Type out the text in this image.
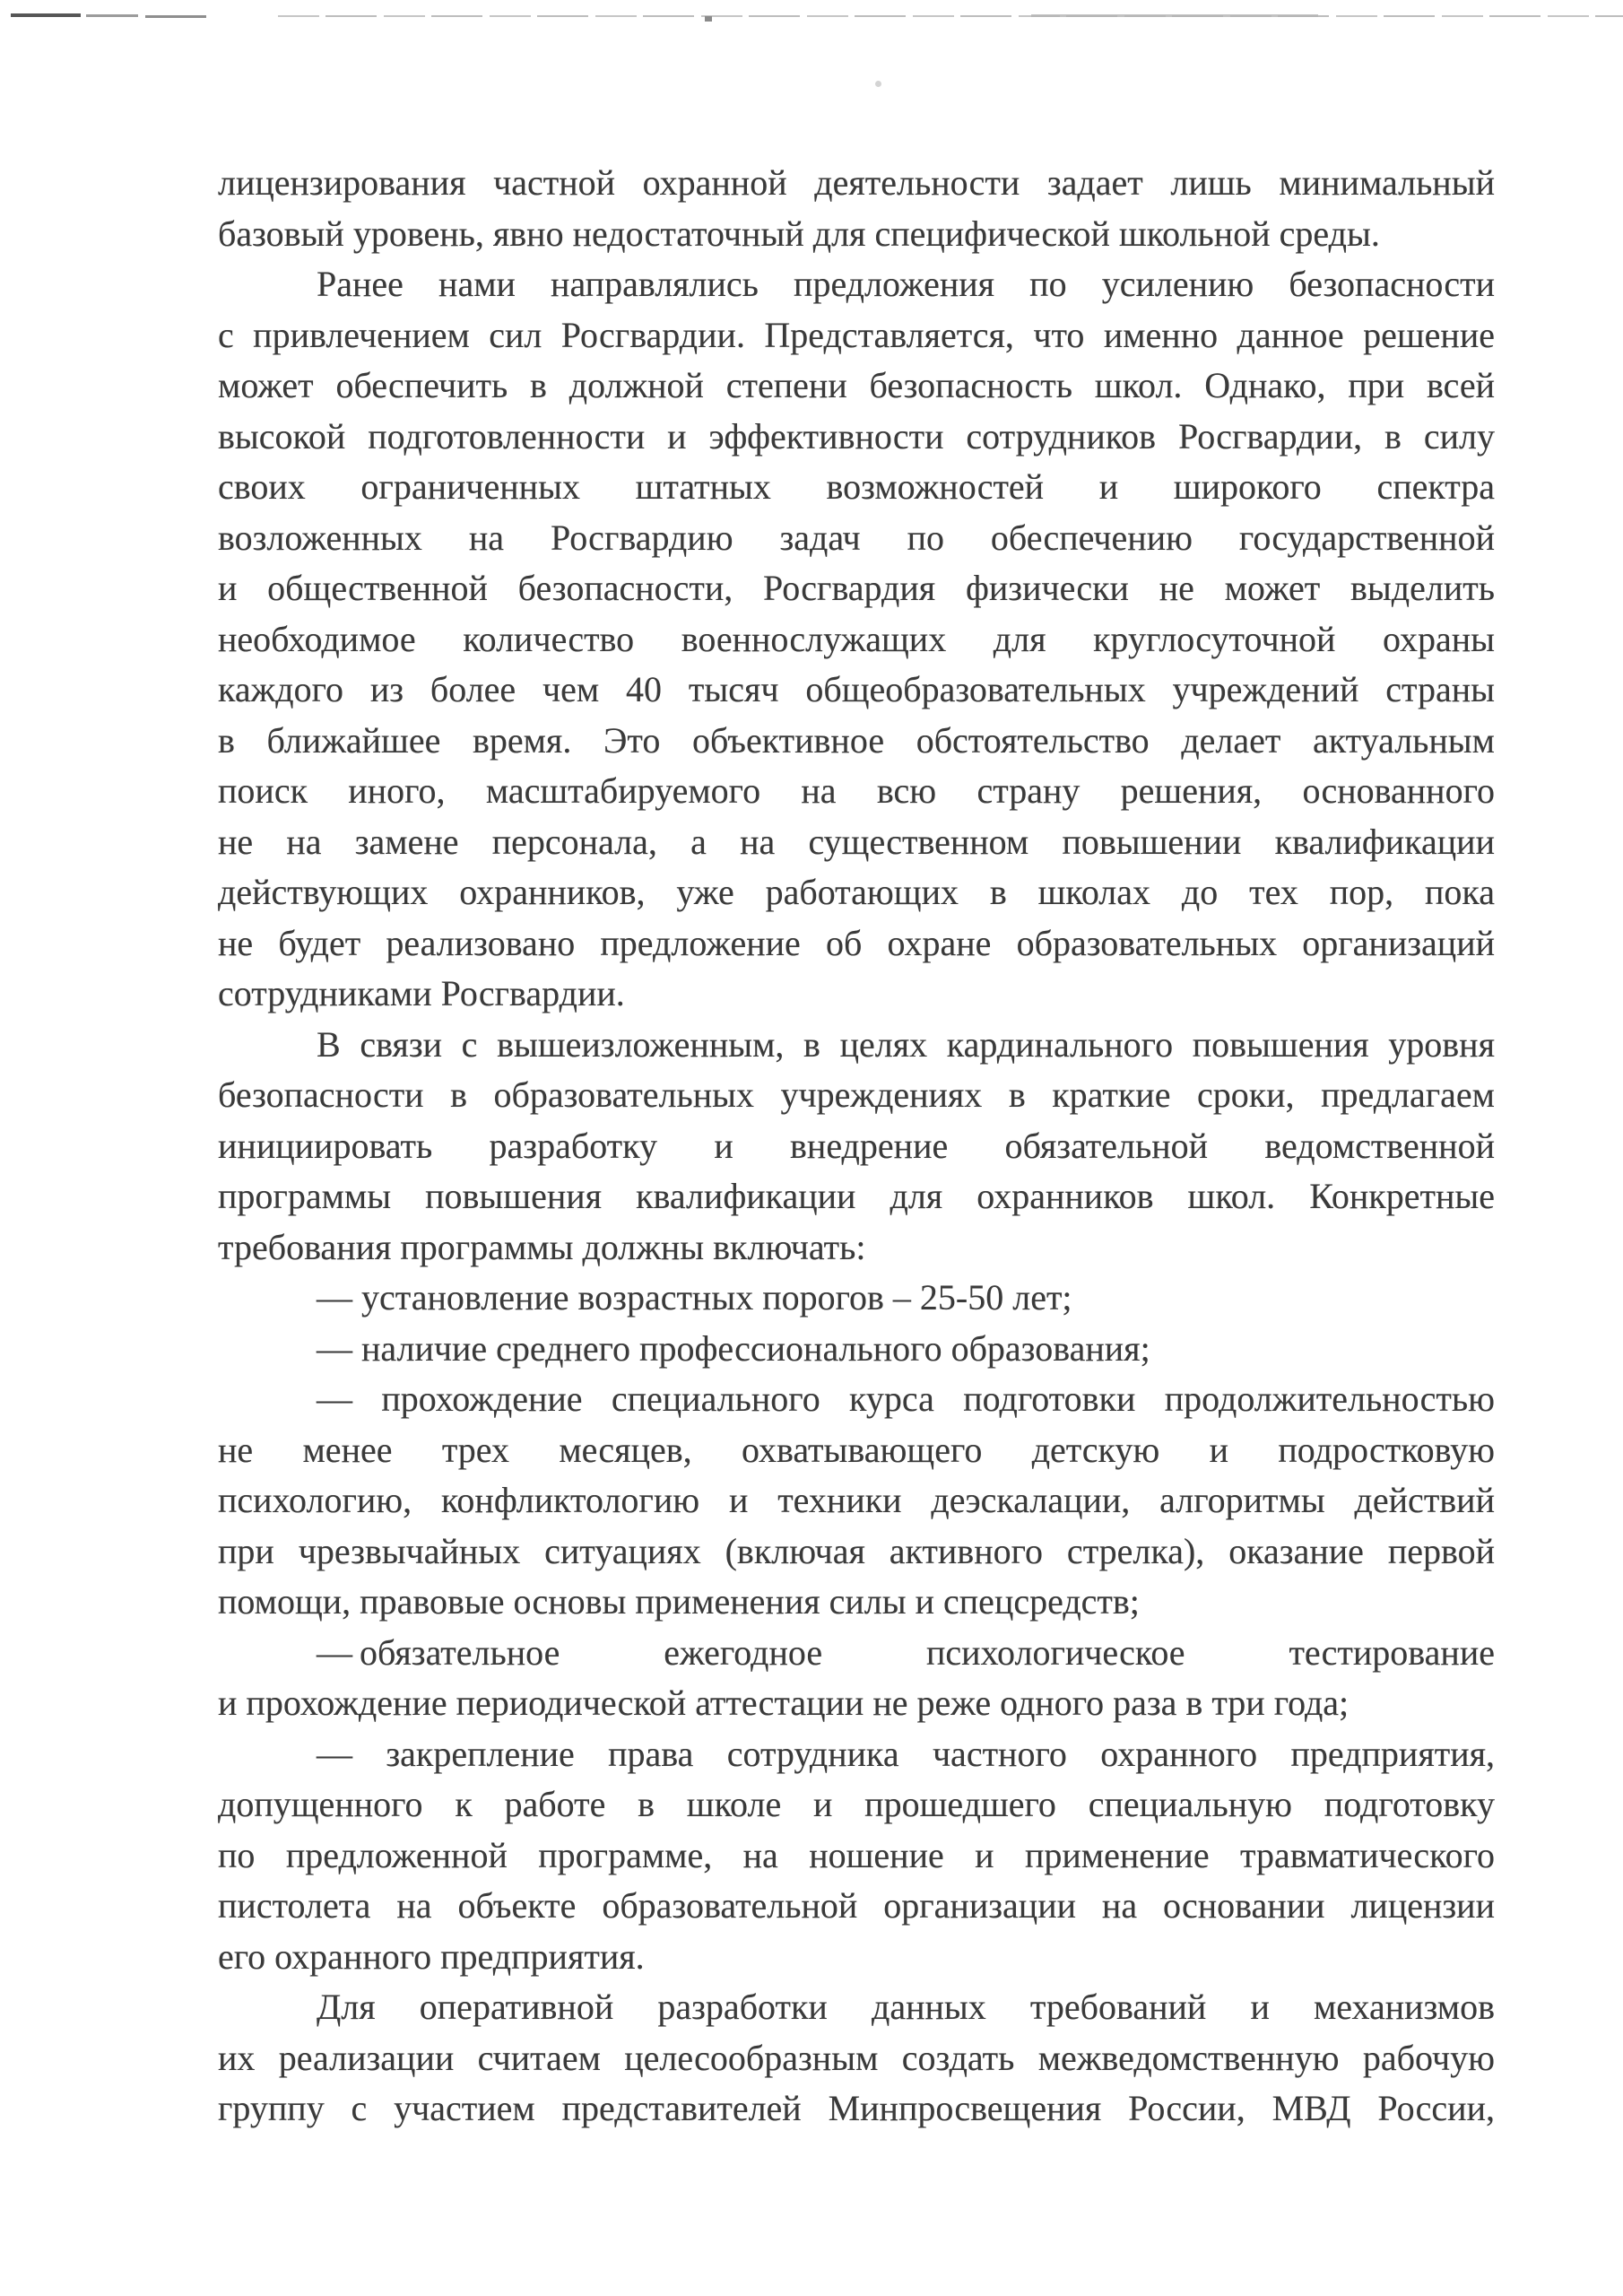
лицензирования частной охранной деятельности задает лишь минимальный
базовый уровень, явно недостаточный для специфической школьной среды.
Ранее нами направлялись предложения по усилению безопасности
с привлечением сил Росгвардии. Представляется, что именно данное решение
может обеспечить в должной степени безопасность школ. Однако, при всей
высокой подготовленности и эффективности сотрудников Росгвардии, в силу
своих ограниченных штатных возможностей и широкого спектра
возложенных на Росгвардию задач по обеспечению государственной
и общественной безопасности, Росгвардия физически не может выделить
необходимое количество военнослужащих для круглосуточной охраны
каждого из более чем 40 тысяч общеобразовательных учреждений страны
в ближайшее время. Это объективное обстоятельство делает актуальным
поиск иного, масштабируемого на всю страну решения, основанного
не на замене персонала, а на существенном повышении квалификации
действующих охранников, уже работающих в школах до тех пор, пока
не будет реализовано предложение об охране образовательных организаций
сотрудниками Росгвардии.
В связи с вышеизложенным, в целях кардинального повышения уровня
безопасности в образовательных учреждениях в краткие сроки, предлагаем
инициировать разработку и внедрение обязательной ведомственной
программы повышения квалификации для охранников школ. Конкретные
требования программы должны включать:
— установление возрастных порогов – 25-50 лет;
— наличие среднего профессионального образования;
— прохождение специального курса подготовки продолжительностью
не менее трех месяцев, охватывающего детскую и подростковую
психологию, конфликтологию и техники деэскалации, алгоритмы действий
при чрезвычайных ситуациях (включая активного стрелка), оказание первой
помощи, правовые основы применения силы и спецсредств;
— обязательное ежегодное психологическое тестирование
и прохождение периодической аттестации не реже одного раза в три года;
— закрепление права сотрудника частного охранного предприятия,
допущенного к работе в школе и прошедшего специальную подготовку
по предложенной программе, на ношение и применение травматического
пистолета на объекте образовательной организации на основании лицензии
его охранного предприятия.
Для оперативной разработки данных требований и механизмов
их реализации считаем целесообразным создать межведомственную рабочую
группу с участием представителей Минпросвещения России, МВД России,
